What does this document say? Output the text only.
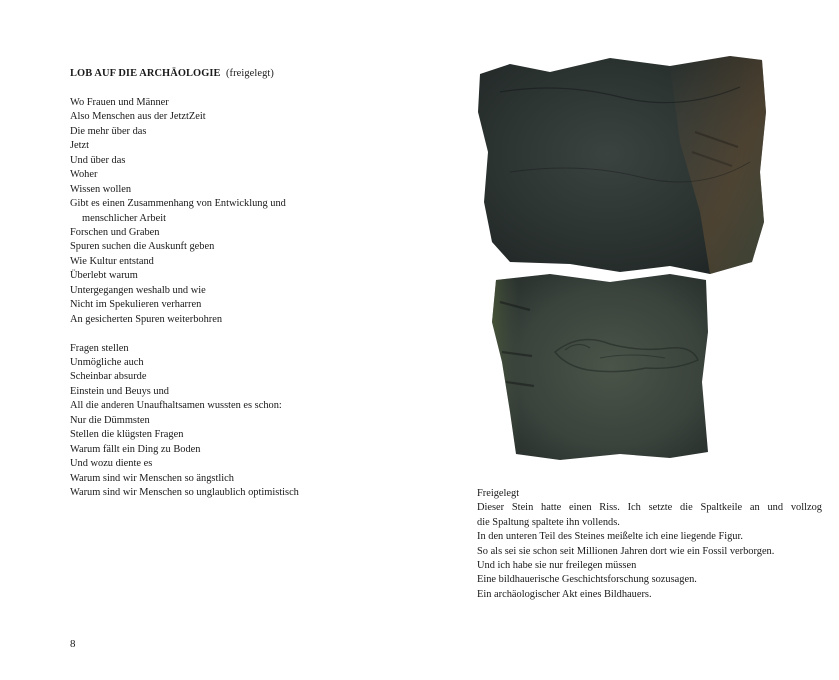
LOB AUF DIE ARCHÄOLOGIE (freigelegt)
Wo Frauen und Männer
Also Menschen aus der JetztZeit
Die mehr über das
Jetzt
Und über das
Woher
Wissen wollen
Gibt es einen Zusammenhang von Entwicklung und
menschlicher Arbeit
Forschen und Graben
Spuren suchen die Auskunft geben
Wie Kultur entstand
Überlebt warum
Untergegangen weshalb und wie
Nicht im Spekulieren verharren
An gesicherten Spuren weiterbohren
Fragen stellen
Unmögliche auch
Scheinbar absurde
Einstein und Beuys und
All die anderen Unaufhaltsamen wussten es schon:
Nur die Dümmsten
Stellen die klügsten Fragen
Warum fällt ein Ding zu Boden
Und wozu diente es
Warum sind wir Menschen so ängstlich
Warum sind wir Menschen so unglaublich optimistisch	Freigelegt
Dieser Stein hatte einen Riss. Ich setzte die Spaltkeile an und vollzog
die Spaltung spaltete ihn vollends.
In den unteren Teil des Steines meißelte ich eine liegende Figur.
So als sei sie schon seit Millionen Jahren dort wie ein Fossil verborgen.
Und ich habe sie nur freilegen müssen
Eine bildhauerische Geschichtsforschung sozusagen.
Ein archäologischer Akt eines Bildhauers.
8
